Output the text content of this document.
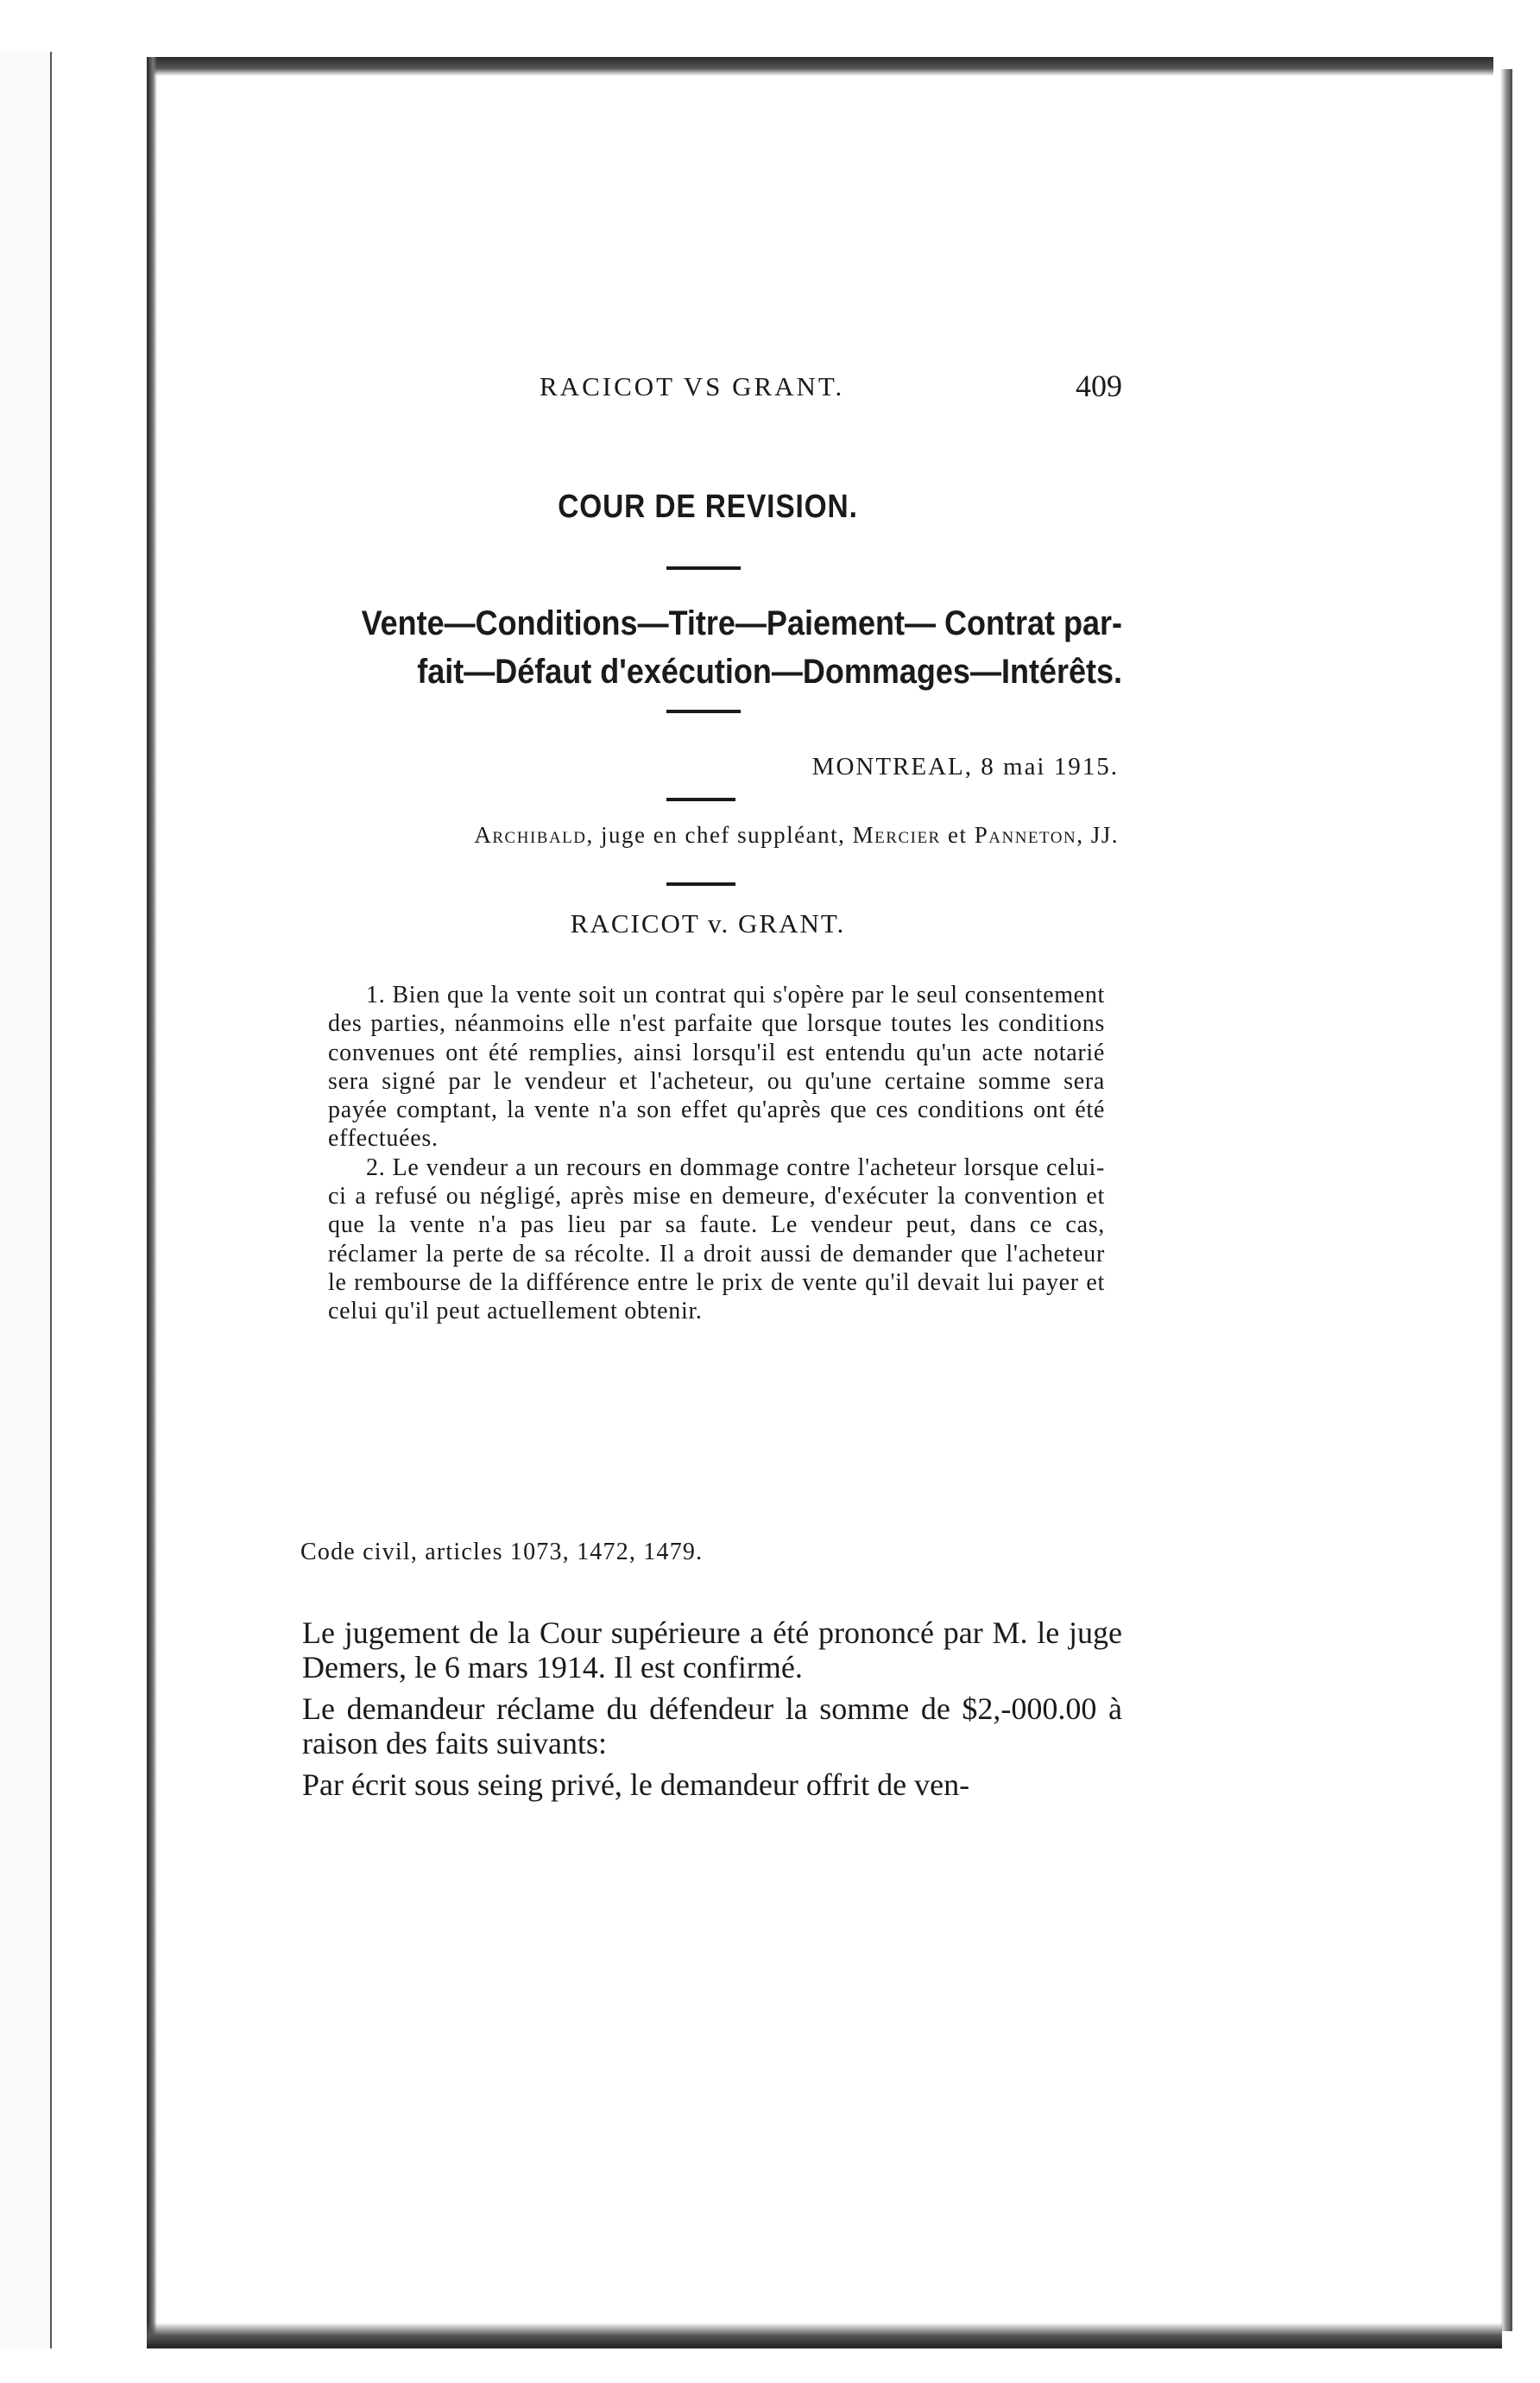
RACICOT VS GRANT.	409
COUR DE REVISION.
Vente—Conditions—Titre—Paiement— Contrat par-
fait—Défaut d'exécution—Dommages—Intérêts.
MONTREAL, 8 mai 1915.
Archibald, juge en chef suppléant, Mercier et Panneton, JJ.
RACICOT v. GRANT.

1. Bien que la vente soit un contrat qui s'opère par le seul consentement des parties, néanmoins elle n'est parfaite que lorsque toutes les conditions convenues ont été remplies, ainsi lorsqu'il est entendu qu'un acte notarié sera signé par le vendeur et l'acheteur, ou qu'une certaine somme sera payée comptant, la vente n'a son effet qu'après que ces conditions ont été effectuées.

2. Le vendeur a un recours en dommage contre l'acheteur lorsque celui-ci a refusé ou négligé, après mise en demeure, d'exécuter la convention et que la vente n'a pas lieu par sa faute. Le vendeur peut, dans ce cas, réclamer la perte de sa récolte. Il a droit aussi de demander que l'acheteur le rembourse de la différence entre le prix de vente qu'il devait lui payer et celui qu'il peut actuellement obtenir.

Code civil, articles 1073, 1472, 1479.

Le jugement de la Cour supérieure a été prononcé par M. le juge Demers, le 6 mars 1914. Il est confirmé.

Le demandeur réclame du défendeur la somme de $2,-000.00 à raison des faits suivants:

Par écrit sous seing privé, le demandeur offrit de ven-
